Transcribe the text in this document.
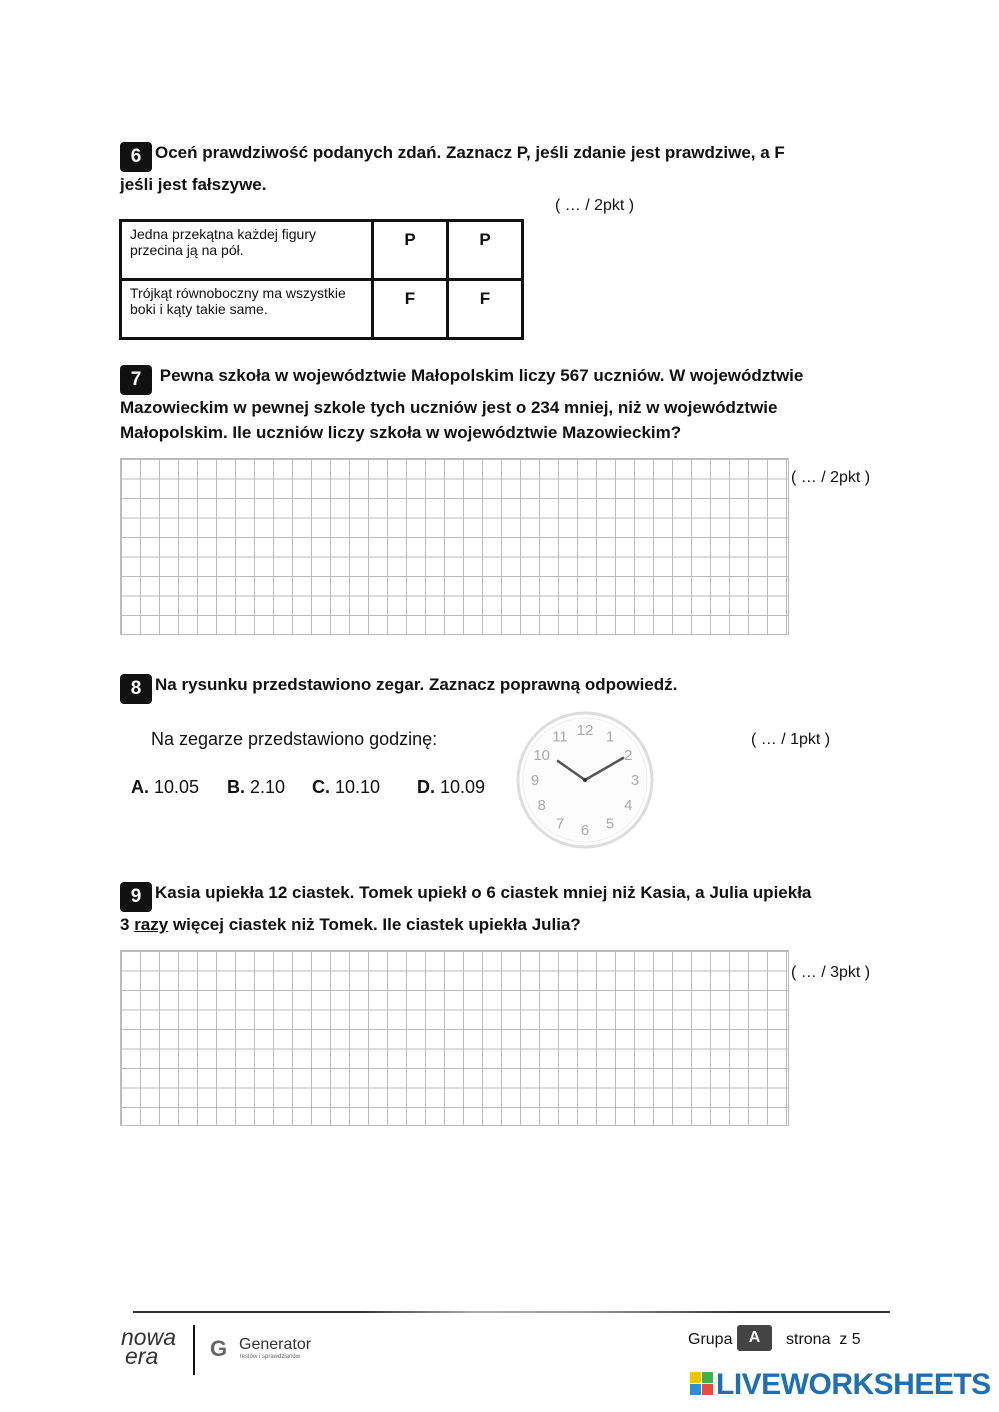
6 Oceń prawdziwość podanych zdań. Zaznacz P, jeśli zdanie jest prawdziwe, a F
jeśli jest fałszywe.
( … / 2pkt )
Jedna przekątna każdej figury przecina ją na pół.	P	P
Trójkąt równoboczny ma wszystkie boki i kąty takie same.	F	F
7 Pewna szkoła w województwie Małopolskim liczy 567 uczniów. W województwie
Mazowieckim w pewnej szkole tych uczniów jest o 234 mniej, niż w województwie
Małopolskim. Ile uczniów liczy szkoła w województwie Mazowieckim?
( … / 2pkt )
8 Na rysunku przedstawiono zegar. Zaznacz poprawną odpowiedź.
Na zegarze przedstawiono godzinę:	( … / 1pkt )
A. 10.05 B. 2.10 C. 10.10 D. 10.09
12 1
2
3
4
5
6
7
8
9
10
11
9 Kasia upiekła 12 ciastek. Tomek upiekł o 6 ciastek mniej niż Kasia, a Julia upiekła
3 razy więcej ciastek niż Tomek. Ile ciastek upiekła Julia?
( … / 3pkt )
nowa
era	G Generator
testów i sprawdzianów
Grupa	A	strona  z 5
LIVEWORKSHEETS
